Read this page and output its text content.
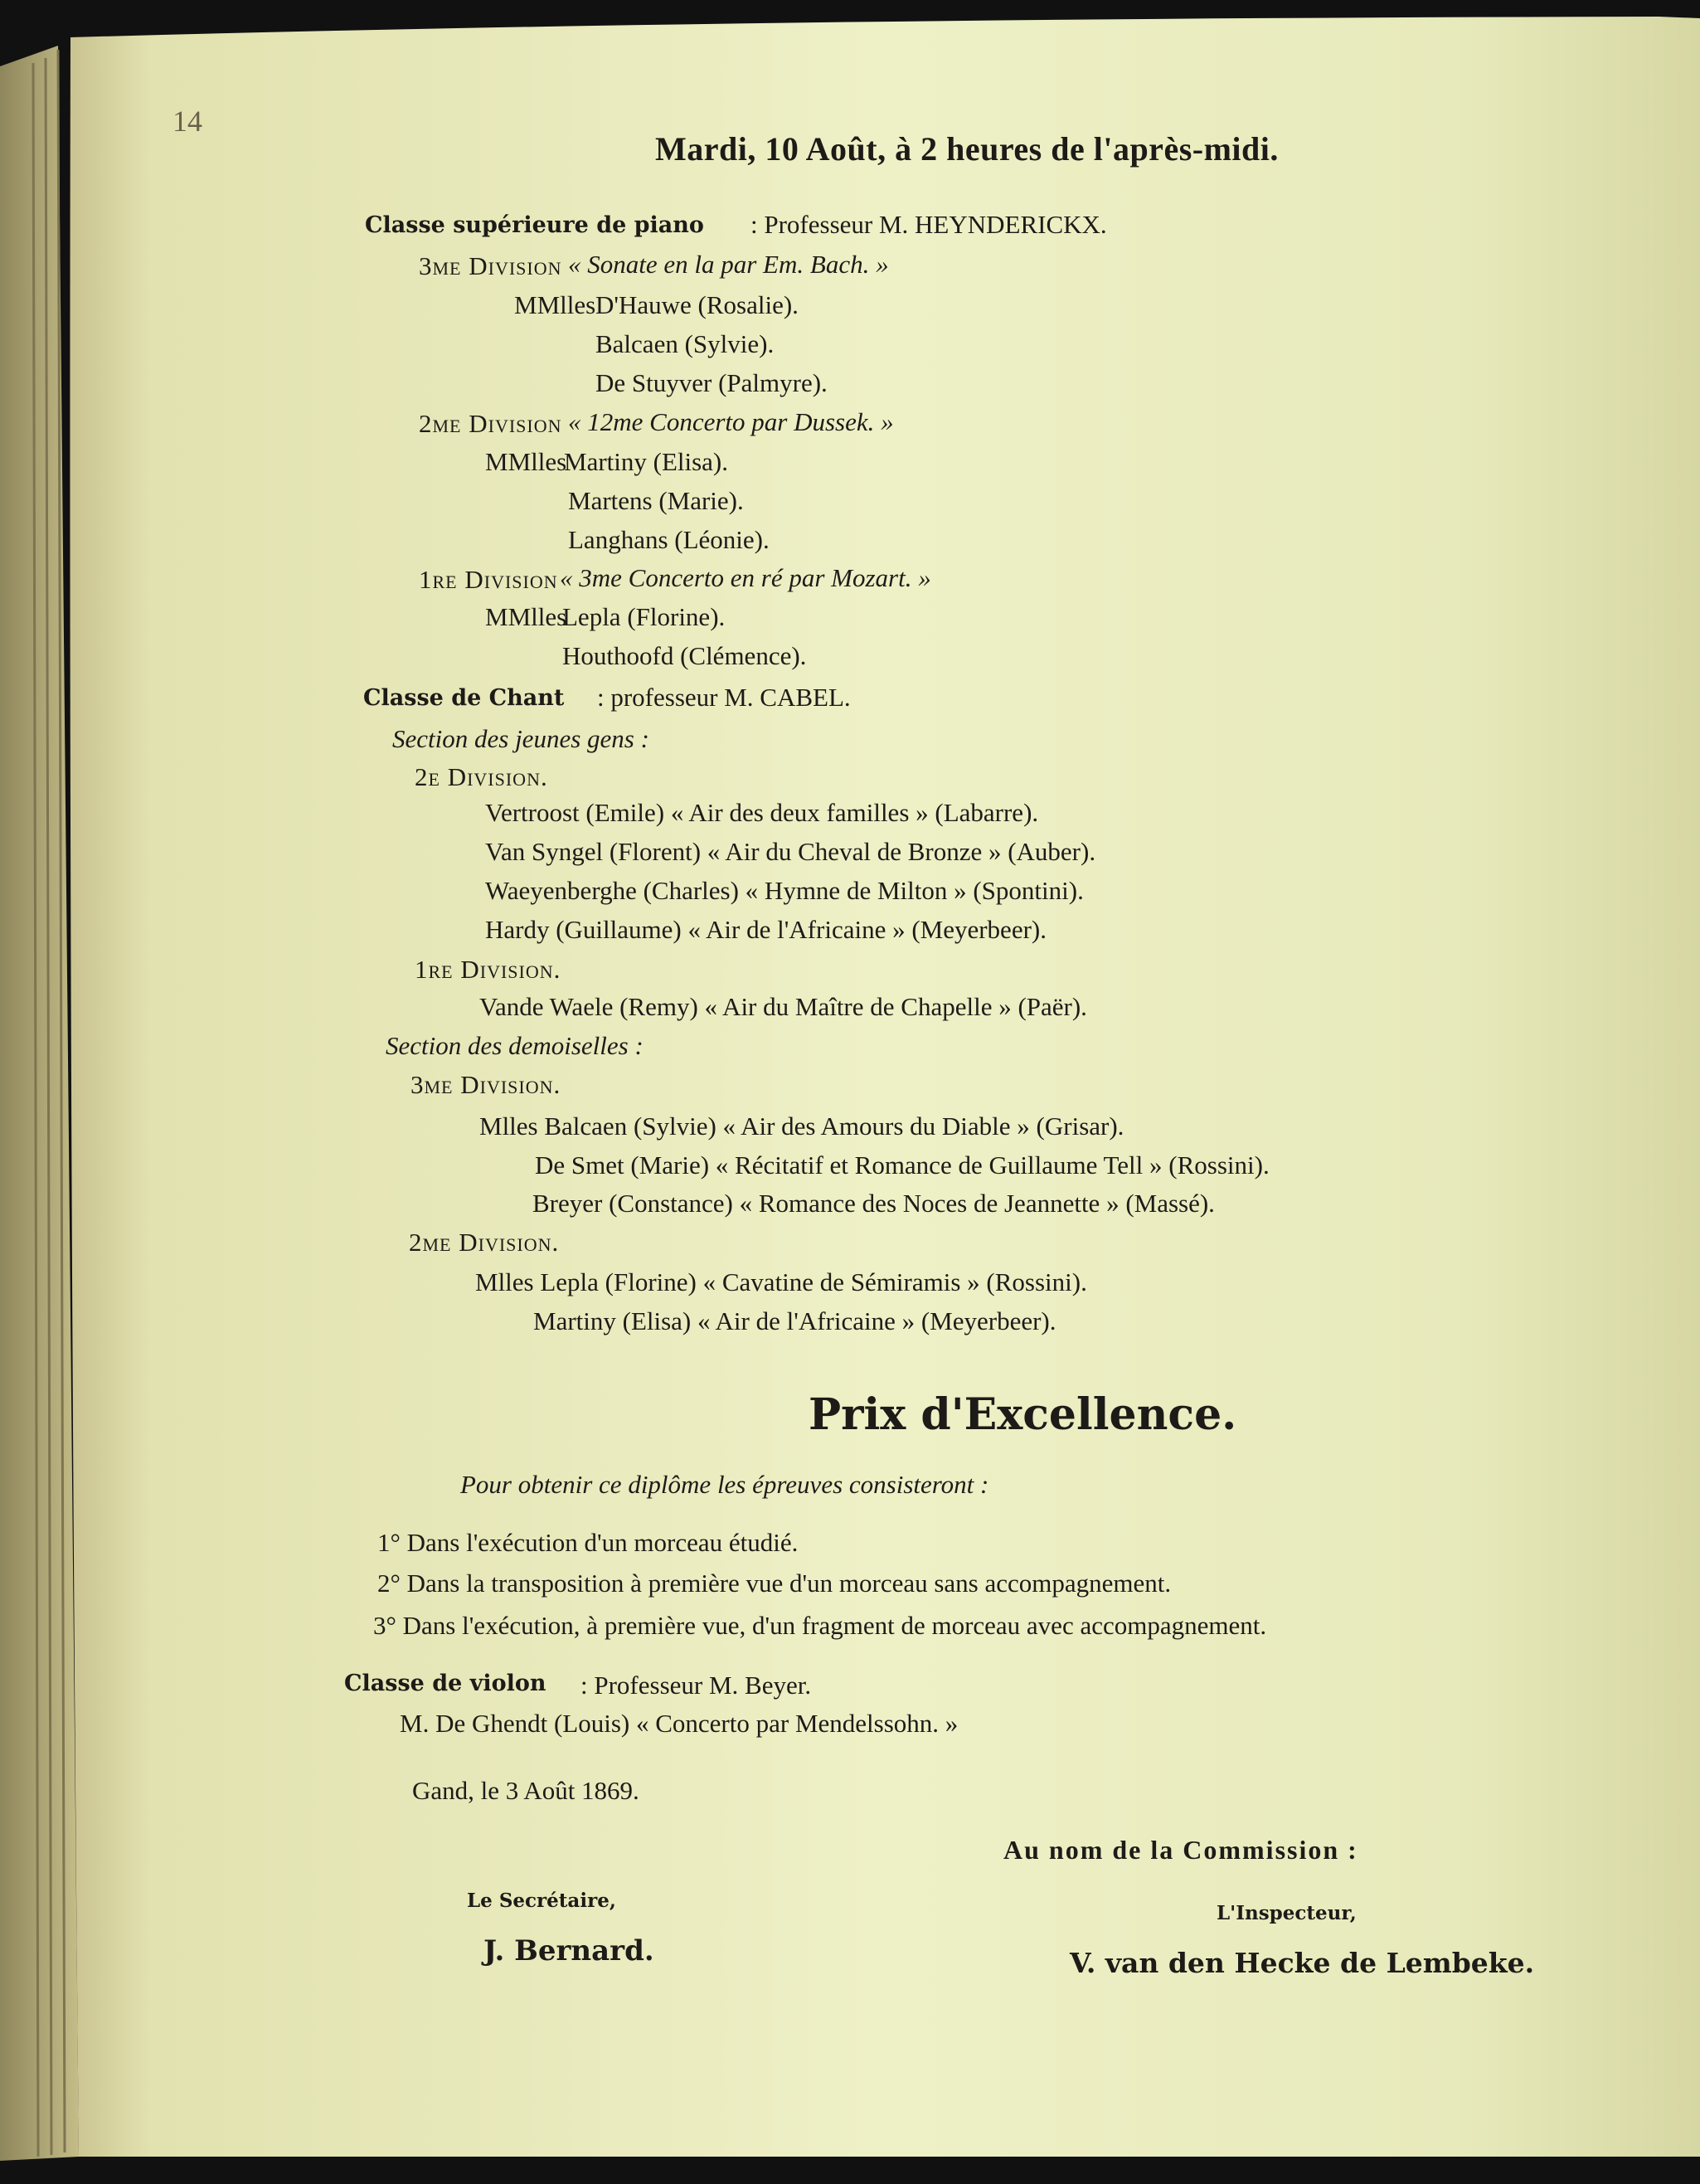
14
Mardi, 10 Août, à 2 heures de l'après-midi.
Classe supérieure de piano : Professeur M. HEYNDERICKX.
3me Division « Sonate en la par Em. Bach. »
MMlles D'Hauwe (Rosalie).
Balcaen (Sylvie).
De Stuyver (Palmyre).
2me Division « 12me Concerto par Dussek. »
MMlles
Martiny (Elisa).
Martens (Marie).
Langhans (Léonie).
1re Division « 3me Concerto en ré par Mozart. »
MMlles
Lepla (Florine).
Houthoofd (Clémence).
Classe de Chant : professeur M. CABEL.
Section des jeunes gens :
2e Division.
Vertroost (Emile) « Air des deux familles » (Labarre).
Van Syngel (Florent) « Air du Cheval de Bronze » (Auber).
Waeyenberghe (Charles) « Hymne de Milton » (Spontini).
Hardy (Guillaume) « Air de l'Africaine » (Meyerbeer).
1re Division.
Vande Waele (Remy) « Air du Maître de Chapelle » (Paër).
Section des demoiselles :
3me Division.
Mlles Balcaen (Sylvie) « Air des Amours du Diable » (Grisar).
De Smet (Marie) « Récitatif et Romance de Guillaume Tell » (Rossini).
Breyer (Constance) « Romance des Noces de Jeannette » (Massé).
2me Division.
Mlles Lepla (Florine) « Cavatine de Sémiramis » (Rossini).
Martiny (Elisa) « Air de l'Africaine » (Meyerbeer).
Prix d'Excellence.
Pour obtenir ce diplôme les épreuves consisteront :
1° Dans l'exécution d'un morceau étudié.
2° Dans la transposition à première vue d'un morceau sans accompagnement.
3° Dans l'exécution, à première vue, d'un fragment de morceau avec accompagnement.
Classe de violon : Professeur M. Beyer.
M. De Ghendt (Louis) « Concerto par Mendelssohn. »
Gand, le 3 Août 1869.
Au nom de la Commission :
Le Secrétaire,
L'Inspecteur,
J. Bernard.	V. van den Hecke de Lembeke.
